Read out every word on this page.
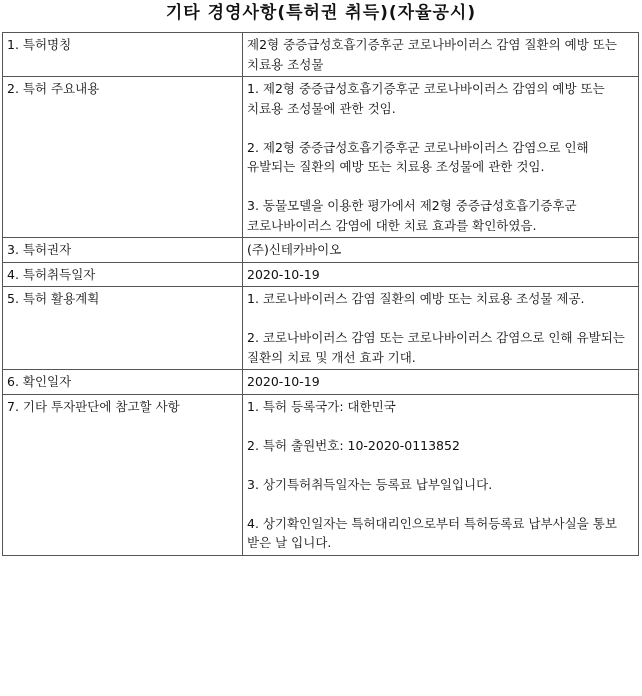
기타 경영사항(특허권 취득)(자율공시)
1. 특허명칭	제2형 중증급성호흡기증후군 코로나바이러스 감염 질환의 예방 또는 치료용 조성물
2. 특허 주요내용	1. 제2형 중증급성호흡기증후군 코로나바이러스 감염의 예방 또는 치료용 조성물에 관한 것임.
2. 제2형 중증급성호흡기증후군 코로나바이러스 감염으로 인해 유발되는 질환의 예방 또는 치료용 조성물에 관한 것임.
3. 동물모델을 이용한 평가에서 제2형 중증급성호흡기증후군 코로나바이러스 감염에 대한 치료 효과를 확인하였음.

3. 특허권자	(주)신테카바이오
4. 특허취득일자	2020-10-19
5. 특허 활용계획	1. 코로나바이러스 감염 질환의 예방 또는 치료용 조성물 제공.
2. 코로나바이러스 감염 또는 코로나바이러스 감염으로 인해 유발되는 질환의 치료 및 개선 효과 기대.

6. 확인일자	2020-10-19
7. 기타 투자판단에 참고할 사항	1. 특허 등록국가: 대한민국
2. 특허 출원번호: 10-2020-0113852
3. 상기특허취득일자는 등록료 납부일입니다.
4. 상기확인일자는 특허대리인으로부터 특허등록료 납부사실을 통보 받은 날 입니다.
